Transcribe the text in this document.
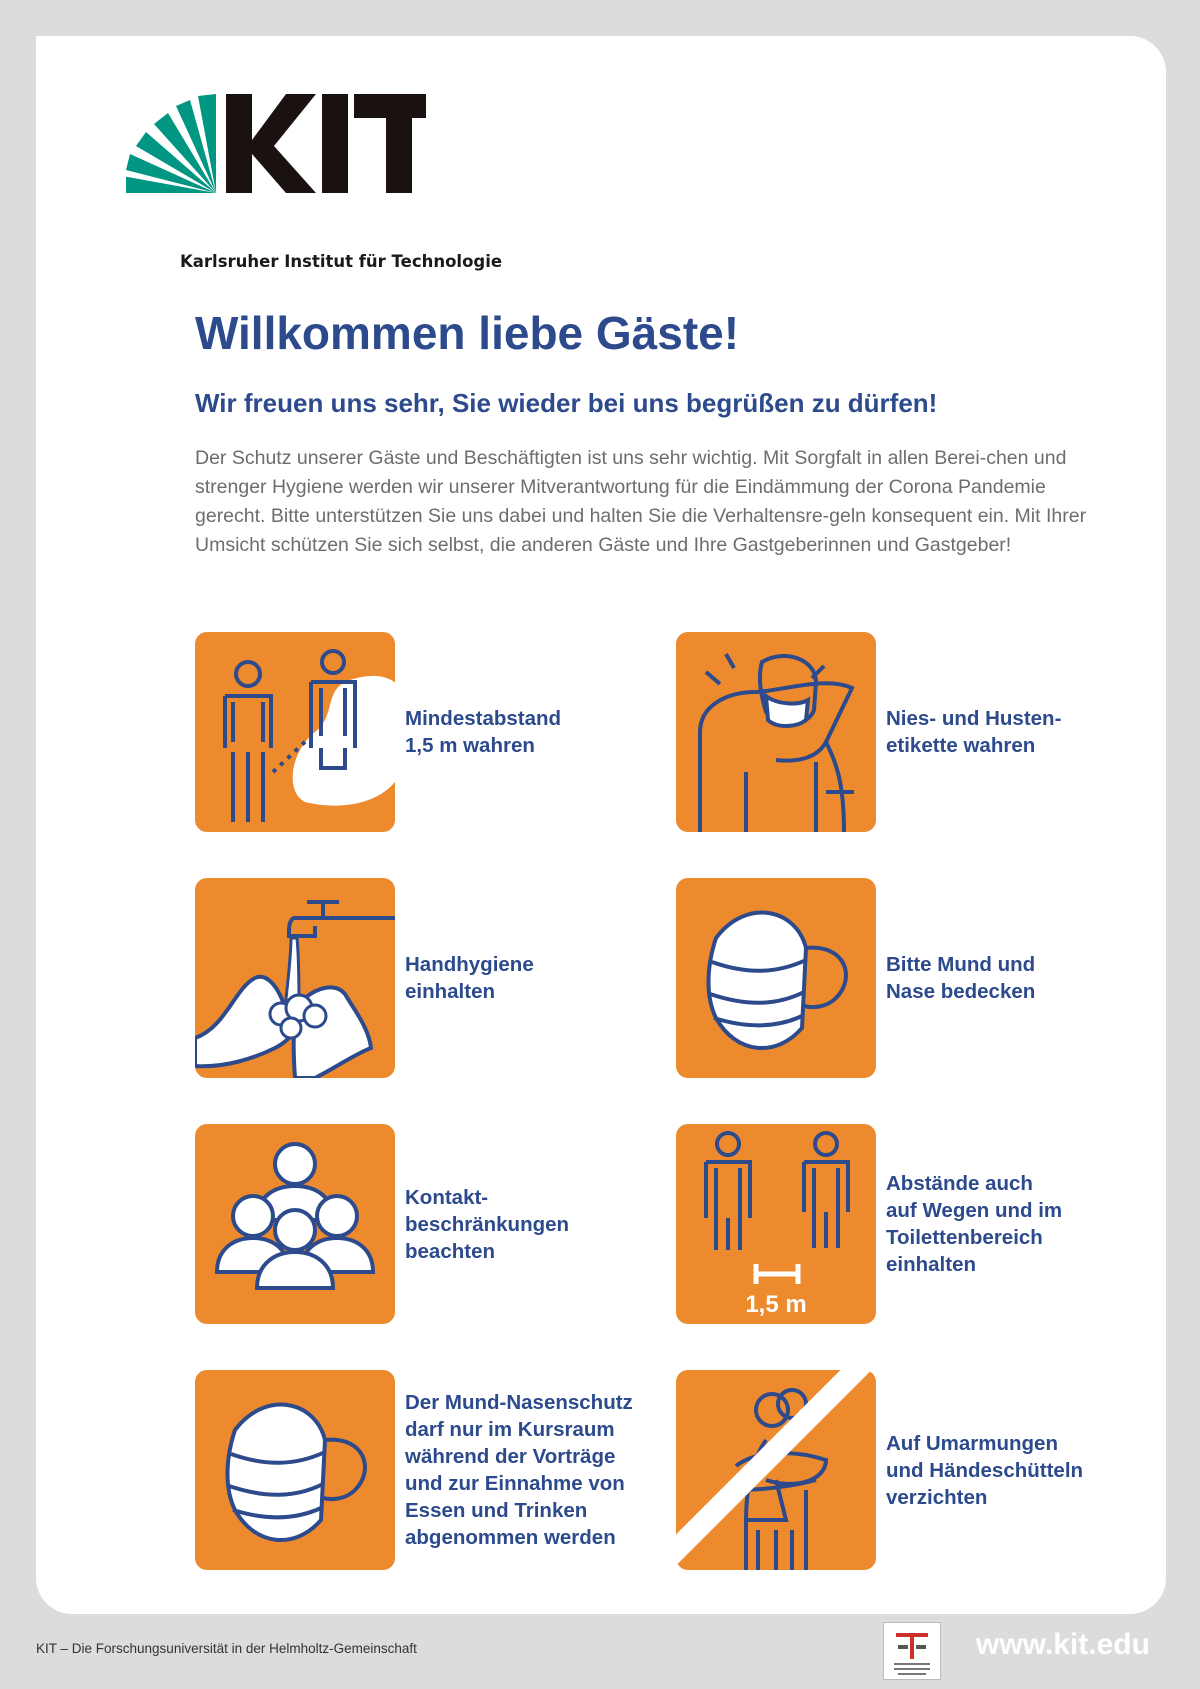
Karlsruher Institut für Technologie
Willkommen liebe Gäste!
Wir freuen uns sehr, Sie wieder bei uns begrüßen zu dürfen!
Der Schutz unserer Gäste und Beschäftigten ist uns sehr wichtig. Mit Sorgfalt in allen Berei-chen und strenger Hygiene werden wir unserer Mitverantwortung für die Eindämmung der Corona Pandemie gerecht. Bitte unterstützen Sie uns dabei und halten Sie die Verhaltensre-geln konsequent ein. Mit Ihrer Umsicht schützen Sie sich selbst, die anderen Gäste und Ihre Gastgeberinnen und Gastgeber!
Mindestabstand
1,5 m wahren
Nies- und Husten-
etikette wahren
Handhygiene
einhalten
Bitte Mund und
Nase bedecken
Kontakt-
beschränkungen
beachten
1,5 m
Abstände auch
auf Wegen und im
Toilettenbereich
einhalten
Der Mund-Nasenschutz
darf nur im Kursraum
während der Vorträge
und zur Einnahme von
Essen und Trinken
abgenommen werden
Auf Umarmungen
und Händeschütteln
verzichten
KIT – Die Forschungsuniversität in der Helmholtz-Gemeinschaft	www.kit.edu
